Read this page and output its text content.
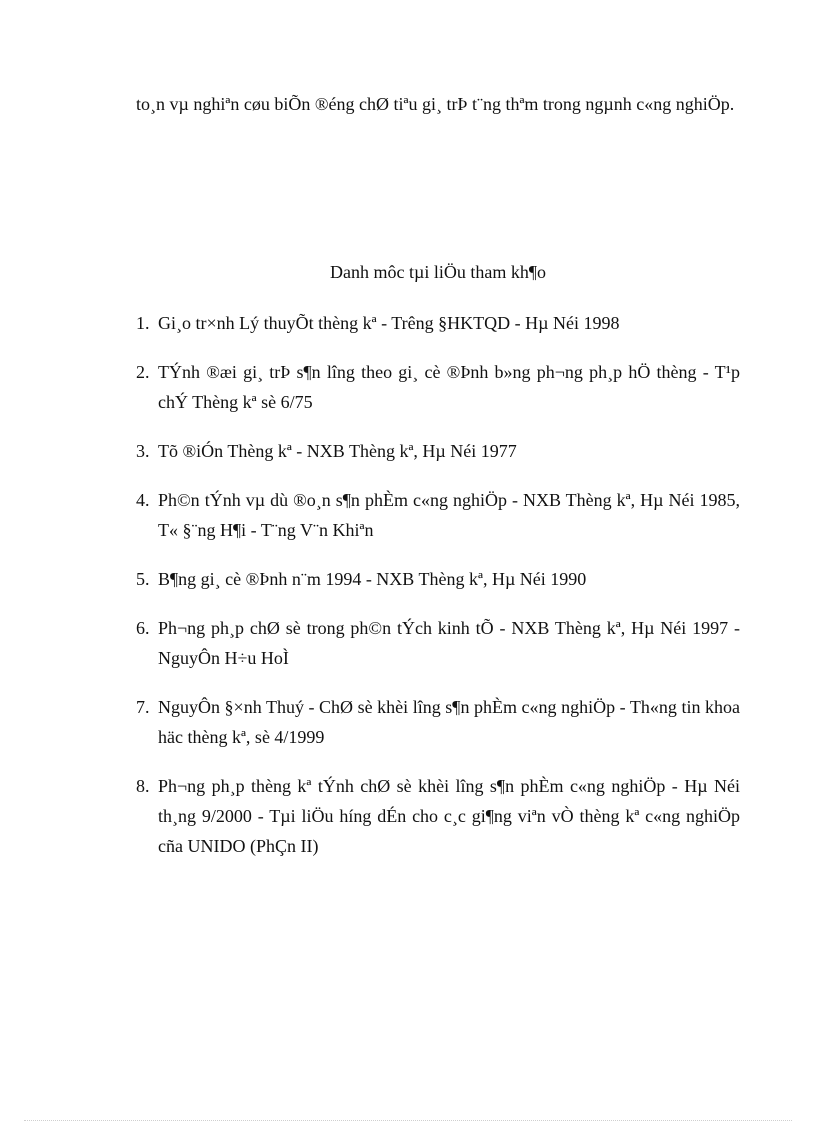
to¸n vµ nghiªn cøu biÕn ®éng chØ tiªu gi¸ trÞ t¨ng thªm trong ngµnh c«ng nghiÖp.

Danh môc tµi liÖu tham kh¶o
1. Gi¸o tr×nh Lý thuyÕt thèng kª - Trêng §HKTQD - Hµ Néi 1998
2. TÝnh ®æi gi¸ trÞ s¶n lîng theo gi¸ cè ®Þnh b»ng ph¬ng ph¸p hÖ thèng - T¹p chÝ Thèng kª sè 6/75
3. Tõ ®iÓn Thèng kª - NXB Thèng kª, Hµ Néi 1977
4. Ph©n tÝnh vµ dù ®o¸n s¶n phÈm c«ng nghiÖp - NXB Thèng kª, Hµ Néi 1985, T« §¨ng H¶i - T¨ng V¨n Khiªn
5. B¶ng gi¸ cè ®Þnh n¨m 1994 - NXB Thèng kª, Hµ Néi 1990
6. Ph¬ng ph¸p chØ sè trong ph©n tÝch kinh tÕ - NXB Thèng kª, Hµ Néi 1997 - NguyÔn H÷u HoÌ
7. NguyÔn §×nh Thuý - ChØ sè khèi lîng s¶n phÈm c«ng nghiÖp - Th«ng tin khoa häc thèng kª, sè 4/1999
8. Ph¬ng ph¸p thèng kª tÝnh chØ sè khèi lîng s¶n phÈm c«ng nghiÖp - Hµ Néi th¸ng 9/2000 - Tµi liÖu híng dÉn cho c¸c gi¶ng viªn vÒ thèng kª c«ng nghiÖp cña UNIDO (PhÇn II)
